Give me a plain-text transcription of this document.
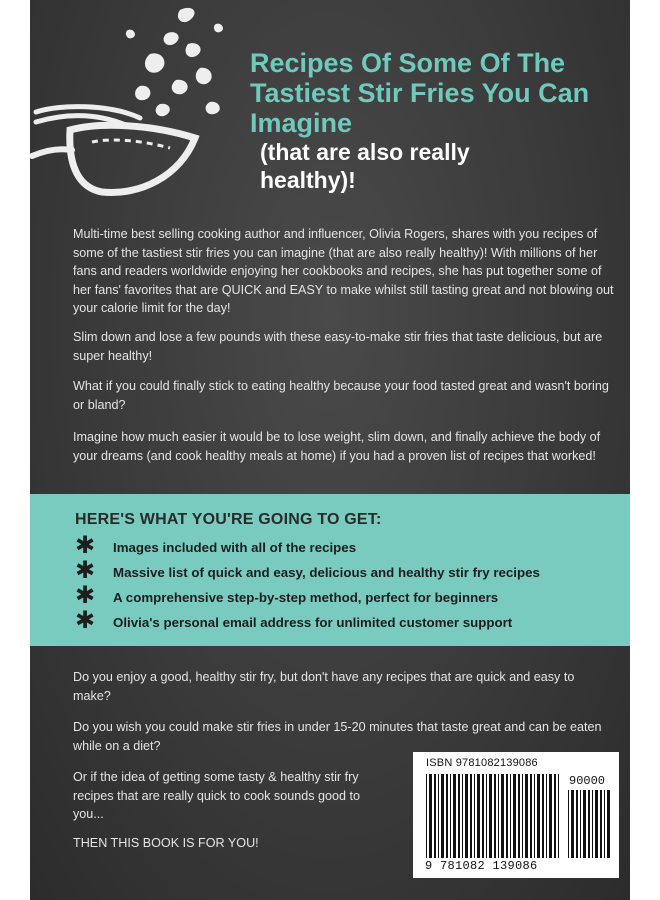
Recipes Of Some Of The Tastiest Stir Fries You Can Imagine
(that are also really healthy)!

Multi-time best selling cooking author and influencer, Olivia Rogers, shares with you recipes of some of the tastiest stir fries you can imagine (that are also really healthy)! With millions of her fans and readers worldwide enjoying her cookbooks and recipes, she has put together some of her fans' favorites that are QUICK and EASY to make whilst still tasting great and not blowing out your calorie limit for the day!

Slim down and lose a few pounds with these easy-to-make stir fries that taste delicious, but are super healthy!

What if you could finally stick to eating healthy because your food tasted great and wasn't boring or bland?

Imagine how much easier it would be to lose weight, slim down, and finally achieve the body of your dreams (and cook healthy meals at home) if you had a proven list of recipes that worked!

HERE'S WHAT YOU'RE GOING TO GET:
✱ Images included with all of the recipes
✱ Massive list of quick and easy, delicious and healthy stir fry recipes
✱ A comprehensive step-by-step method, perfect for beginners
✱ Olivia's personal email address for unlimited customer support

Do you enjoy a good, healthy stir fry, but don't have any recipes that are quick and easy to make?

Do you wish you could make stir fries in under 15-20 minutes that taste great and can be eaten while on a diet?

Or if the idea of getting some tasty & healthy stir fry recipes that are really quick to cook sounds good to you...

THEN THIS BOOK IS FOR YOU!

ISBN 9781082139086
90000
9 781082 139086
